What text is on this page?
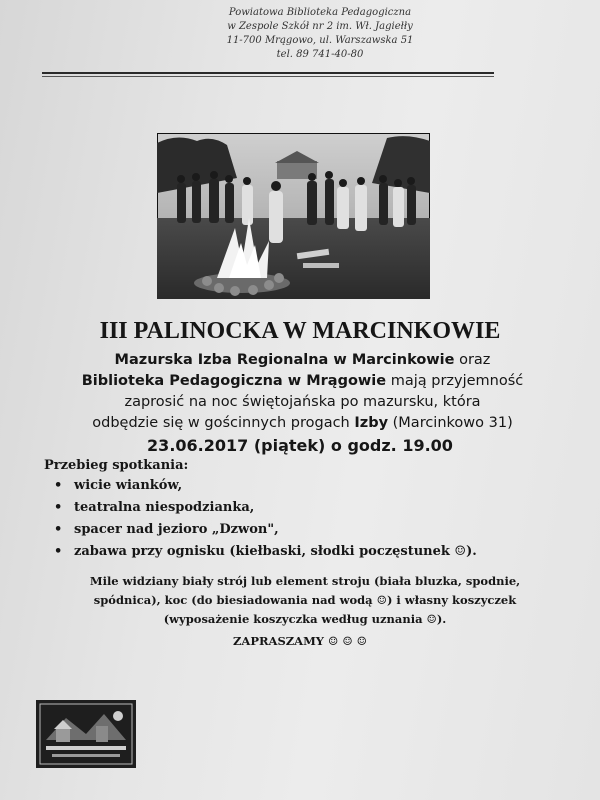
Powiatowa Biblioteka Pedagogiczna
w Zespole Szkół nr 2 im. Wł. Jagiełły
11-700 Mrągowo, ul. Warszawska 51
tel. 89 741-40-80
III PALINOCKA W MARCINKOWIE
Mazurska Izba Regionalna w Marcinkowie oraz
Biblioteka Pedagogiczna w Mrągowie mają przyjemność
zaprosić na noc świętojańska po mazursku, która
odbędzie się w gościnnych progach Izby (Marcinkowo 31)
23.06.2017 (piątek) o godz. 19.00
Przebieg spotkania:
• wicie wianków,
• teatralna niespodzianka,
• spacer nad jezioro „Dzwon",
• zabawa przy ognisku (kiełbaski, słodki poczęstunek ☺).
Mile widziany biały strój lub element stroju (biała bluzka, spodnie,
spódnica), koc (do biesiadowania nad wodą ☺) i własny koszyczek
(wyposażenie koszyczka według uznania ☺).
ZAPRASZAMY ☺ ☺ ☺
